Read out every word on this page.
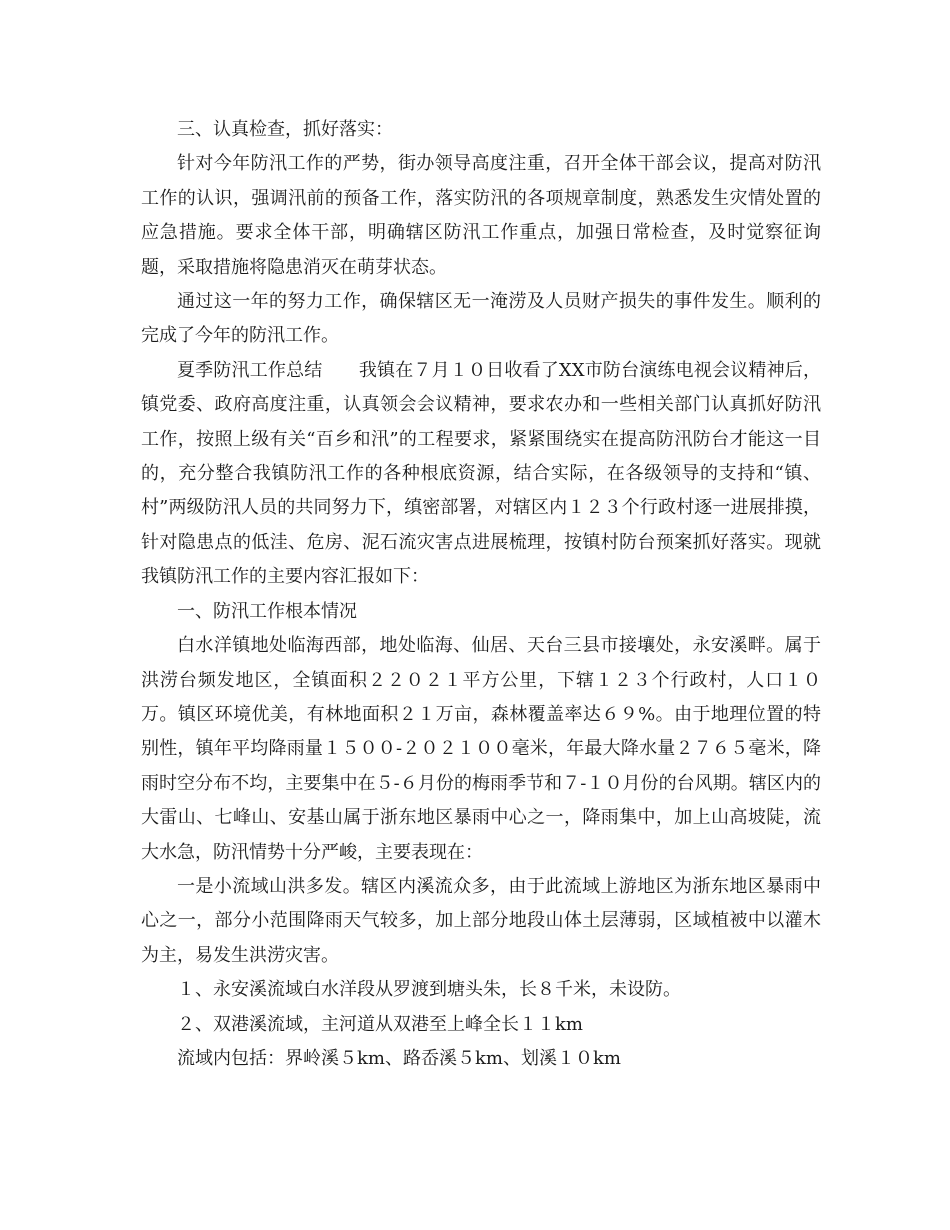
三、认真检查，抓好落实：

针对今年防汛工作的严势，街办领导高度注重，召开全体干部会议，提高对防汛工作的认识，强调汛前的预备工作，落实防汛的各项规章制度，熟悉发生灾情处置的应急措施。要求全体干部，明确辖区防汛工作重点，加强日常检查，及时觉察征询题，采取措施将隐患消灭在萌芽状态。

通过这一年的努力工作，确保辖区无一淹涝及人员财产损失的事件发生。顺利的完成了今年的防汛工作。

夏季防汛工作总结　　我镇在７月１０日收看了XX市防台演练电视会议精神后，镇党委、政府高度注重，认真领会会议精神，要求农办和一些相关部门认真抓好防汛工作，按照上级有关“百乡和汛”的工程要求，紧紧围绕实在提高防汛防台才能这一目的，充分整合我镇防汛工作的各种根底资源，结合实际，在各级领导的支持和“镇、村”两级防汛人员的共同努力下，缜密部署，对辖区内１２３个行政村逐一进展排摸，针对隐患点的低洼、危房、泥石流灾害点进展梳理，按镇村防台预案抓好落实。现就我镇防汛工作的主要内容汇报如下：

一、防汛工作根本情况

白水洋镇地处临海西部，地处临海、仙居、天台三县市接壤处，永安溪畔。属于洪涝台频发地区，全镇面积２２０２１平方公里，下辖１２３个行政村，人口１０万。镇区环境优美，有林地面积２１万亩，森林覆盖率达６９%。由于地理位置的特别性，镇年平均降雨量１５００-２０２１００毫米，年最大降水量２７６５毫米，降雨时空分布不均，主要集中在５-６月份的梅雨季节和７-１０月份的台风期。辖区内的大雷山、七峰山、安基山属于浙东地区暴雨中心之一，降雨集中，加上山高坡陡，流大水急，防汛情势十分严峻，主要表现在：

一是小流域山洪多发。辖区内溪流众多，由于此流域上游地区为浙东地区暴雨中心之一，部分小范围降雨天气较多，加上部分地段山体土层薄弱，区域植被中以灌木为主，易发生洪涝灾害。

１、永安溪流域白水洋段从罗渡到塘头朱，长８千米，未设防。

２、双港溪流域，主河道从双港至上峰全长１１km

流域内包括：界岭溪５km、路岙溪５km、划溪１０km
